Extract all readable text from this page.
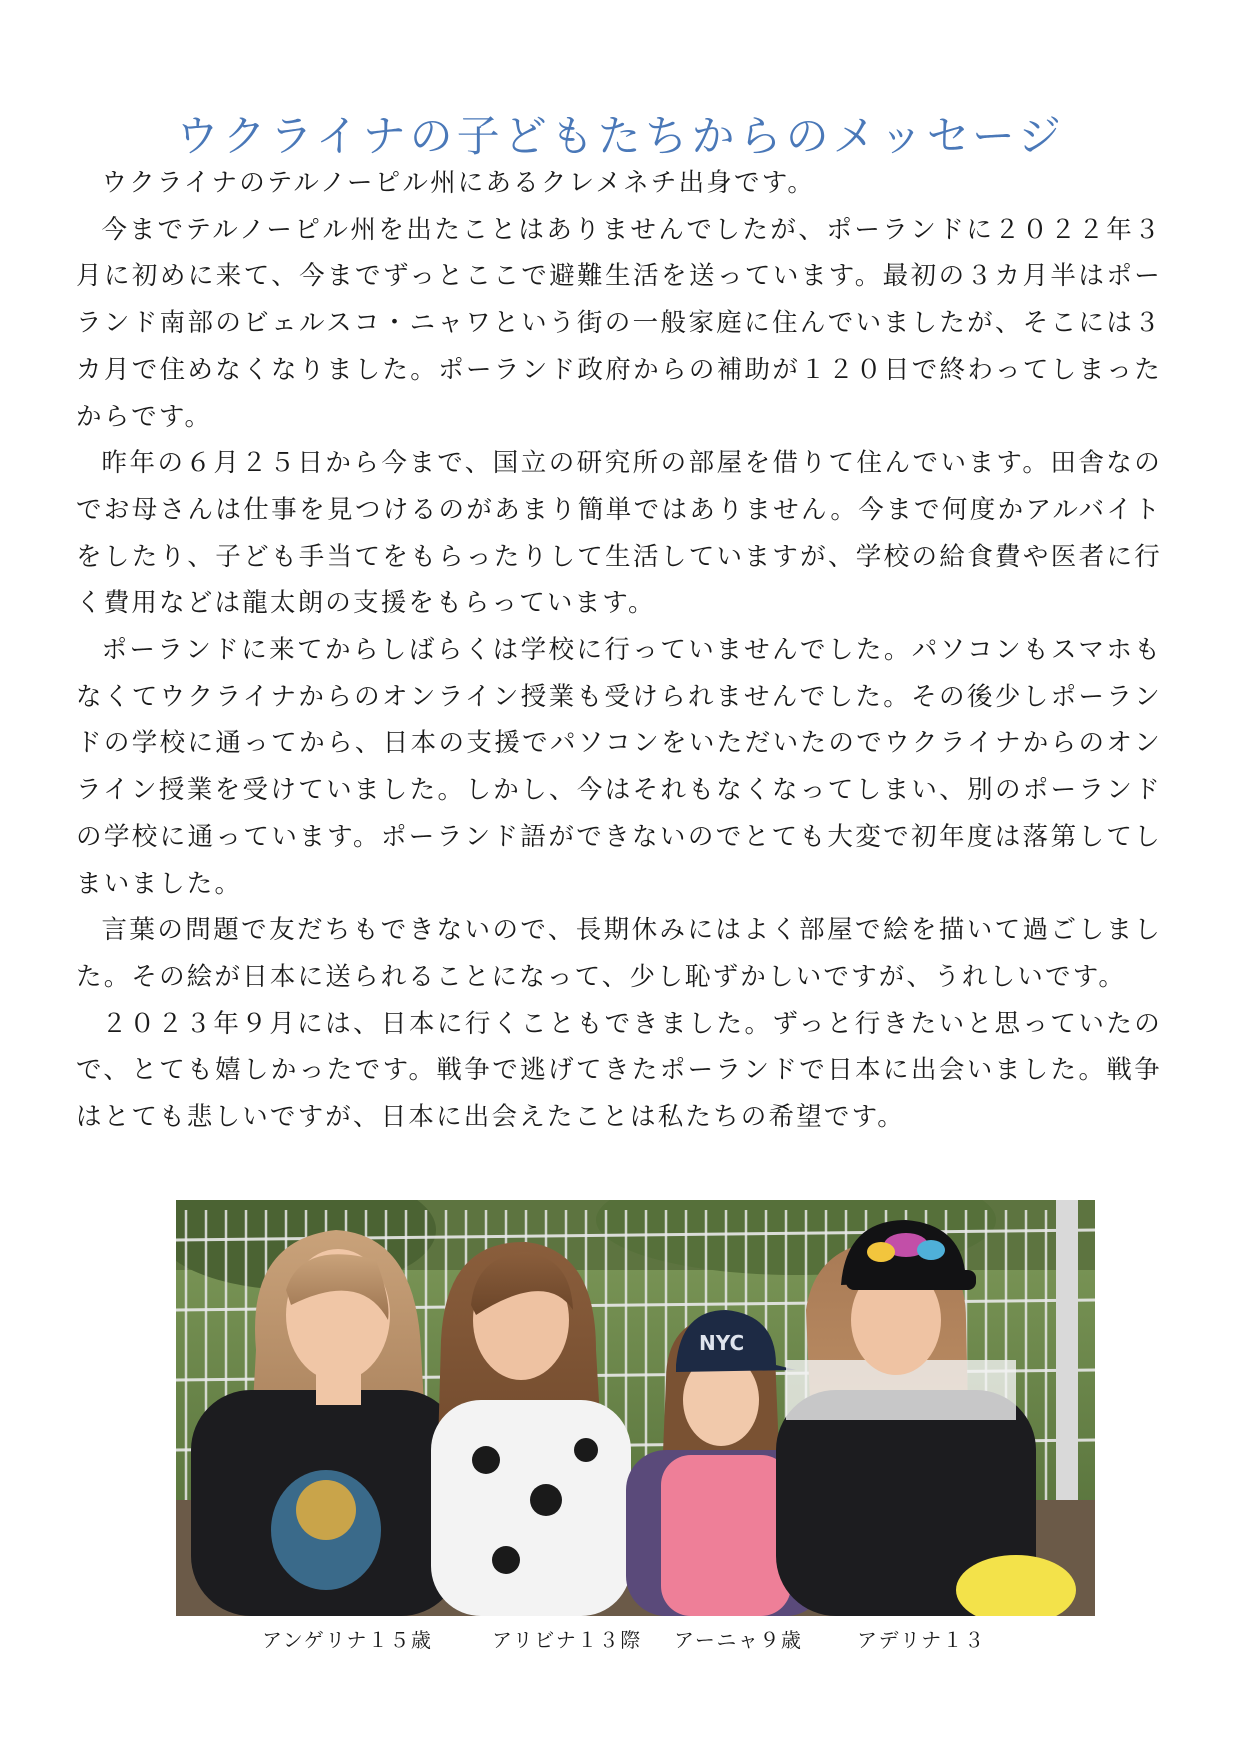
ウクライナの子どもたちからのメッセージ

ウクライナのテルノーピル州にあるクレメネチ出身です。

今までテルノーピル州を出たことはありませんでしたが、ポーランドに２０２２年３月に初めに来て、今までずっとここで避難生活を送っています。最初の３カ月半はポーランド南部のビェルスコ・ニャワという街の一般家庭に住んでいましたが、そこには３カ月で住めなくなりました。ポーランド政府からの補助が１２０日で終わってしまったからです。

昨年の６月２５日から今まで、国立の研究所の部屋を借りて住んでいます。田舎なのでお母さんは仕事を見つけるのがあまり簡単ではありません。今まで何度かアルバイトをしたり、子ども手当てをもらったりして生活していますが、学校の給食費や医者に行く費用などは龍太朗の支援をもらっています。

ポーランドに来てからしばらくは学校に行っていませんでした。パソコンもスマホもなくてウクライナからのオンライン授業も受けられませんでした。その後少しポーランドの学校に通ってから、日本の支援でパソコンをいただいたのでウクライナからのオンライン授業を受けていました。しかし、今はそれもなくなってしまい、別のポーランドの学校に通っています。ポーランド語ができないのでとても大変で初年度は落第してしまいました。

言葉の問題で友だちもできないので、長期休みにはよく部屋で絵を描いて過ごしました。その絵が日本に送られることになって、少し恥ずかしいですが、うれしいです。

２０２３年９月には、日本に行くこともできました。ずっと行きたいと思っていたので、とても嬉しかったです。戦争で逃げてきたポーランドで日本に出会いました。戦争はとても悲しいですが、日本に出会えたことは私たちの希望です。

NYC
アンゲリナ１５歳	アリビナ１３際 アーニャ９歳	アデリナ１３
